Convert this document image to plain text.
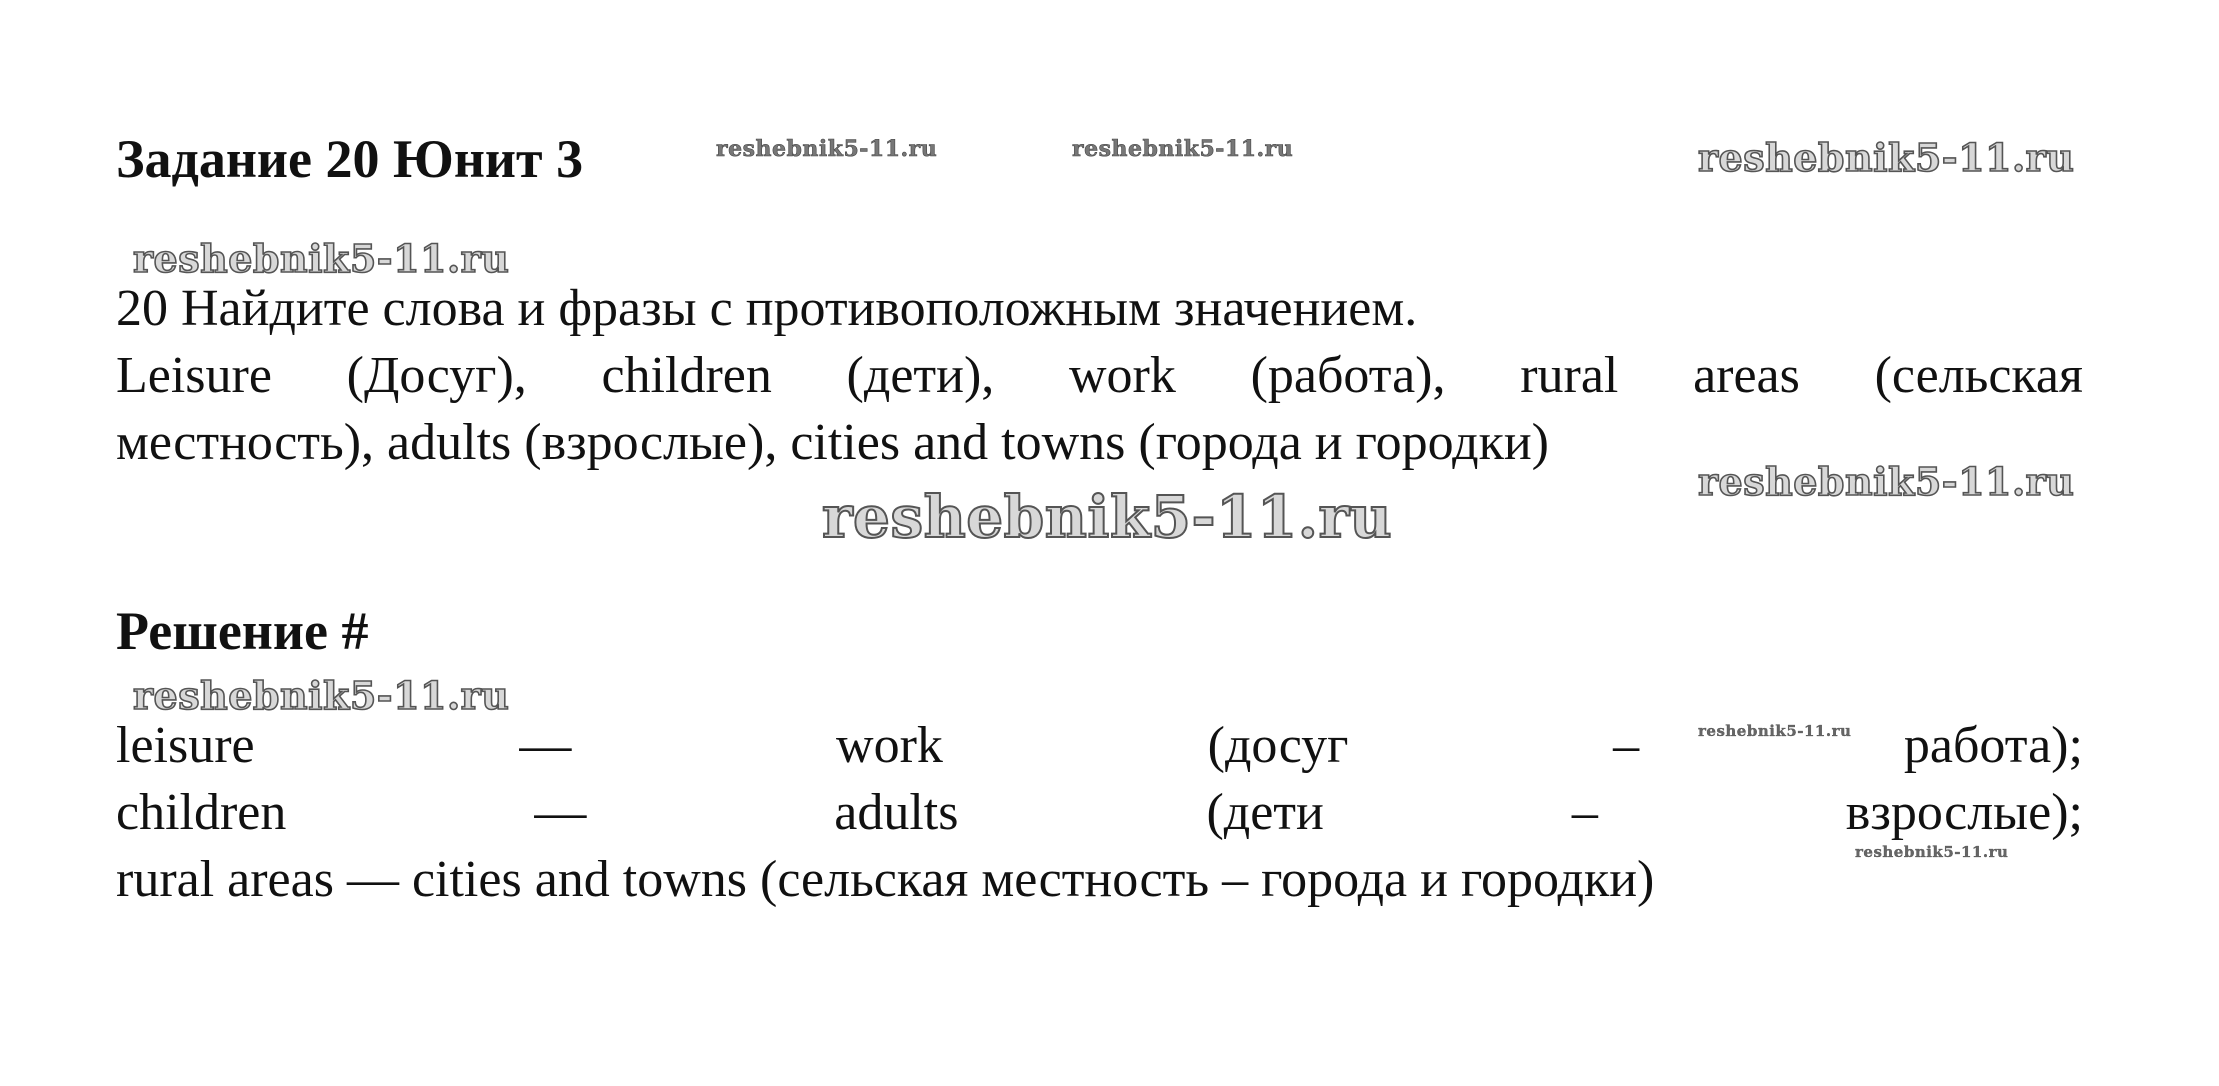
reshebnik5-11.ru	reshebnik5-11.ru	reshebnik5-11.ru
reshebnik5-11.ru
reshebnik5-11.ru
reshebnik5-11.ru
reshebnik5-11.ru
reshebnik5-11.ru
reshebnik5-11.ru
Задание 20 Юнит 3
20 Найдите слова и фразы с противоположным значением.
Leisure (Досуг), children (дети), work (работа), rural areas (сельская
местность), adults (взрослые), cities and towns (города и городки)
Решение #
leisure	—	work	(досуг	–	работа);
children	—	adults	(дети	–	взрослые);
rural areas — cities and towns (сельская местность – города и городки)
